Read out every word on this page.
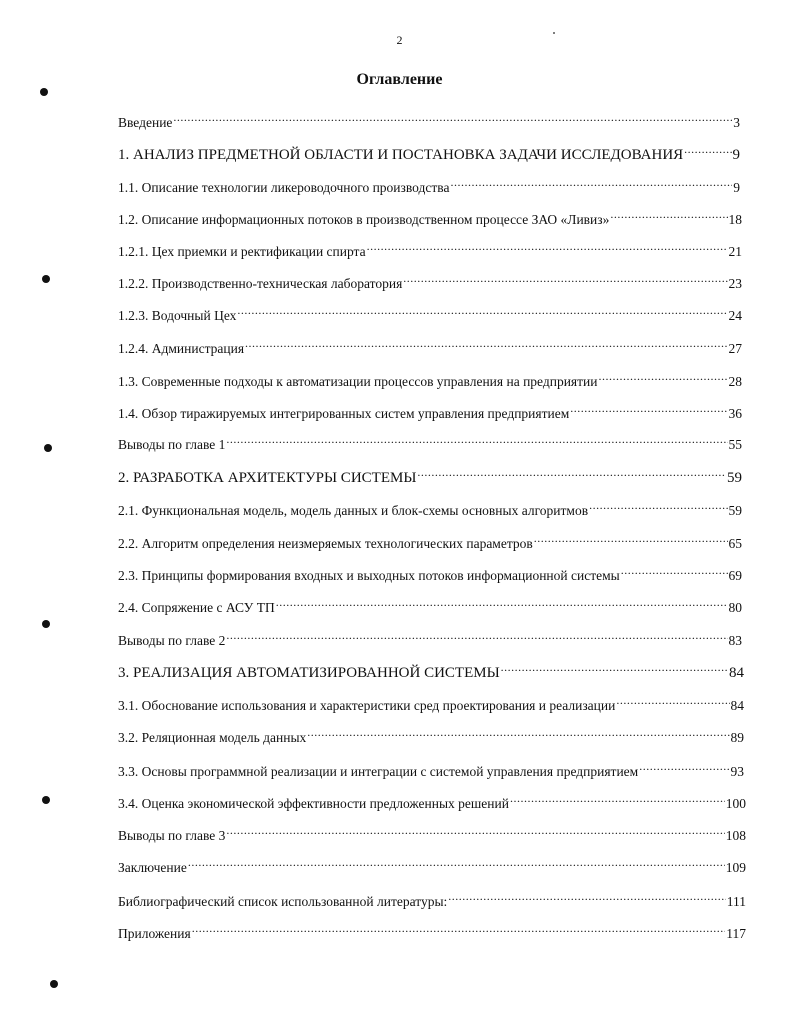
2
Оглавление
Введение .....	3
1. АНАЛИЗ ПРЕДМЕТНОЙ ОБЛАСТИ И ПОСТАНОВКА ЗАДАЧИ ИССЛЕДОВАНИЯ .....	9
1.1. Описание технологии ликероводочного производства .....	9
1.2. Описание информационных потоков в производственном процессе ЗАО «Ливиз» .....	18
1.2.1. Цех приемки и ректификации спирта .....	21
1.2.2. Производственно-техническая лаборатория .....	23
1.2.3. Водочный Цех .....	24
1.2.4. Администрация .....	27
1.3. Современные подходы к автоматизации процессов управления на предприятии .....	28
1.4. Обзор тиражируемых интегрированных систем управления предприятием .....	36
Выводы по главе 1 .....	55
2. РАЗРАБОТКА АРХИТЕКТУРЫ СИСТЕМЫ .....	59
2.1. Функциональная модель, модель данных и блок-схемы основных алгоритмов .....	59
2.2. Алгоритм определения неизмеряемых технологических параметров .....	65
2.3. Принципы формирования входных и выходных потоков информационной системы .....	69
2.4. Сопряжение с АСУ ТП .....	80
Выводы по главе 2 .....	83
3. РЕАЛИЗАЦИЯ АВТОМАТИЗИРОВАННОЙ СИСТЕМЫ .....	84
3.1. Обоснование использования и характеристики сред проектирования и реализации .....	84
3.2. Реляционная модель данных .....	89
3.3. Основы программной реализации и интеграции с системой управления предприятием .....	93
3.4. Оценка экономической эффективности предложенных решений .....	100
Выводы по главе 3 .....	108
Заключение .....	109
Библиографический список использованной литературы: .....	111
Приложения .....	117
